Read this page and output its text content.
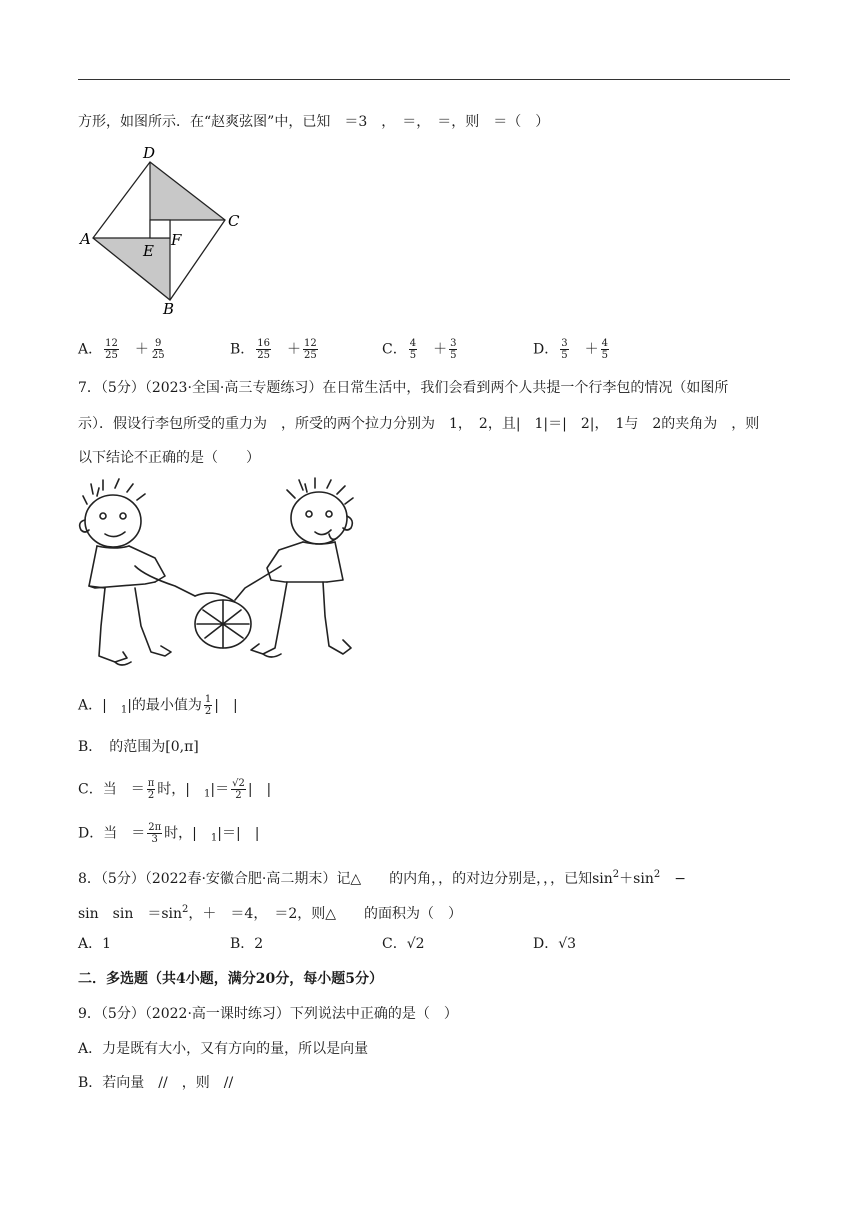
方形，如图所示．在“赵爽弦图”中，已知　＝3　，　＝，　＝，则　＝（　）
D
C
A
E
F
B
A． $\frac{12}{25}$
　 ＋ $\frac{9}{25}$	B． $\frac{16}{25}$
　 ＋ $\frac{12}{25}$	C． $\frac{4}{5}$
　 ＋ $\frac{3}{5}$	D． $\frac{3}{5}$
　 ＋ $\frac{4}{5}$
7．（5分）（2023·全国·高三专题练习）在日常生活中，我们会看到两个人共提一个行李包的情况（如图所
示）．假设行李包所受的重力为　，所受的两个拉力分别为　1，　2，且|　1|＝|　2|，　1与　2的夹角为　，则
以下结论不正确的是（　　）
A．|　$_1$|的最小值为 $\frac{1}{2}$ |　|
B．　的范围为[0,π]
C．当　＝ $\frac{\pi}{2}$ 时，|　$_1|= \frac{√2}{2}$ |　|
D．当　＝ $\frac{2\pi}{3}$ 时，|　$_1$|＝|　|
8．（5分）（2022春·安徽合肥·高二期末）记△　　的内角，，的对边分别是，，，已知$\sin^2+\sin^2$　 −
sin　sin　$=\sin^2$，＋　＝4，　＝2，则△　　的面积为（　）
A．1	B．2	C．√2	D．√3
二．多选题（共4小题，满分20分，每小题5分）
9．（5分）（2022·高一课时练习）下列说法中正确的是（　）
A．力是既有大小，又有方向的量，所以是向量
B．若向量　//　，则　//
